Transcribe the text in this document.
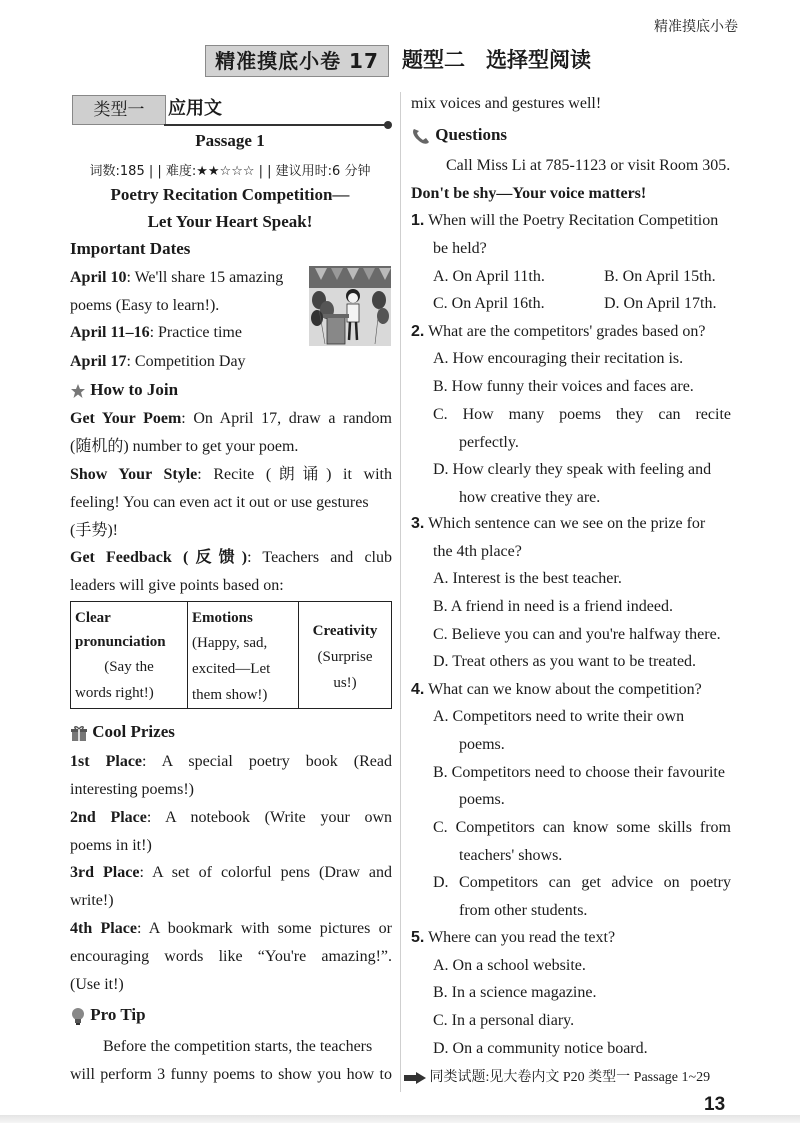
精准摸底小卷
精准摸底小卷 17	题型二　选择型阅读
类型一	应用文
Passage 1
词数:185 | | 难度:★★☆☆☆ | | 建议用时:6 分钟
Poetry Recitation Competition—
Let Your Heart Speak!
Important Dates
April 10: We'll share 15 amazing
poems (Easy to learn!).
April 11–16: Practice time
April 17: Competition Day
How to Join
Get Your Poem: On April 17, draw a random
(随机的) number to get your poem.
Show Your Style: Recite (朗诵) it with
feeling! You can even act it out or use gestures
(手势)!
Get Feedback (反馈): Teachers and club
leaders will give points based on:
Clear
pronunciation
(Say the
words right!)

Emotions
(Happy, sad,
excited—Let
them show!)

Creativity
(Surprise
us!)
Cool Prizes
1st Place: A special poetry book (Read
interesting poems!)
2nd Place: A notebook (Write your own
poems in it!)
3rd Place: A set of colorful pens (Draw and
write!)
4th Place: A bookmark with some pictures or
encouraging words like “You're amazing!”.
(Use it!)
Pro Tip
Before the competition starts, the teachers
will perform 3 funny poems to show you how to
mix voices and gestures well!
Questions
Call Miss Li at 785-1123 or visit Room 305.
Don't be shy—Your voice matters!
1. When will the Poetry Recitation Competition
be held?
A. On April 11th.	B. On April 15th.
C. On April 16th.	D. On April 17th.
2. What are the competitors' grades based on?
A. How encouraging their recitation is.
B. How funny their voices and faces are.
C. How many poems they can recite
perfectly.
D. How clearly they speak with feeling and
how creative they are.
3. Which sentence can we see on the prize for
the 4th place?
A. Interest is the best teacher.
B. A friend in need is a friend indeed.
C. Believe you can and you're halfway there.
D. Treat others as you want to be treated.
4. What can we know about the competition?
A. Competitors need to write their own
poems.
B. Competitors need to choose their favourite
poems.
C. Competitors can know some skills from
teachers' shows.
D. Competitors can get advice on poetry
from other students.
5. Where can you read the text?
A. On a school website.
B. In a science magazine.
C. In a personal diary.
D. On a community notice board.
同类试题:见大卷内文 P20 类型一 Passage 1~29
13
